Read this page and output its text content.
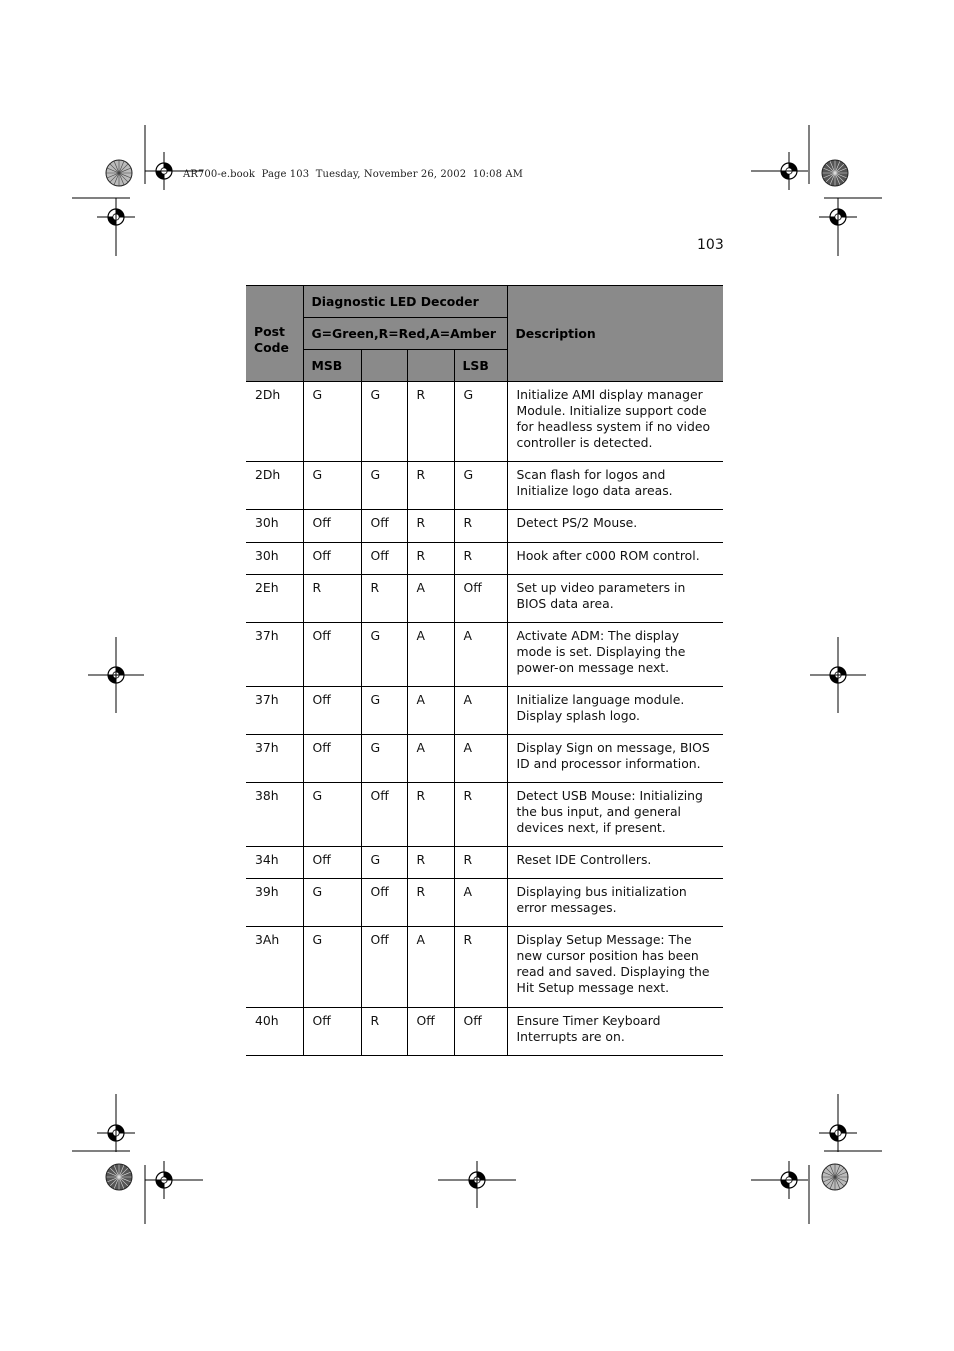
AR700-e.book  Page 103  Tuesday, November 26, 2002  10:08 AM
103
Post Code	Diagnostic LED Decoder				Description
	G=Green,R=Red,A=Amber				
	MSB			LSB	
2Dh	G	G	R	G	Initialize AMI display manager Module. Initialize support code for headless system if no video controller is detected.
2Dh	G	G	R	G	Scan flash for logos and Initialize logo data areas.
30h	Off	Off	R	R	Detect PS/2 Mouse.
30h	Off	Off	R	R	Hook after c000 ROM control.
2Eh	R	R	A	Off	Set up video parameters in BIOS data area.
37h	Off	G	A	A	Activate ADM: The display mode is set. Displaying the power-on message next.
37h	Off	G	A	A	Initialize language module. Display splash logo.
37h	Off	G	A	A	Display Sign on message, BIOS ID and processor information.
38h	G	Off	R	R	Detect USB Mouse: Initializing the bus input, and general devices next, if present.
34h	Off	G	R	R	Reset IDE Controllers.
39h	G	Off	R	A	Displaying bus initialization error messages.
3Ah	G	Off	A	R	Display Setup Message: The new cursor position has been read and saved. Displaying the Hit Setup message next.
40h	Off	R	Off	Off	Ensure Timer Keyboard Interrupts are on.
